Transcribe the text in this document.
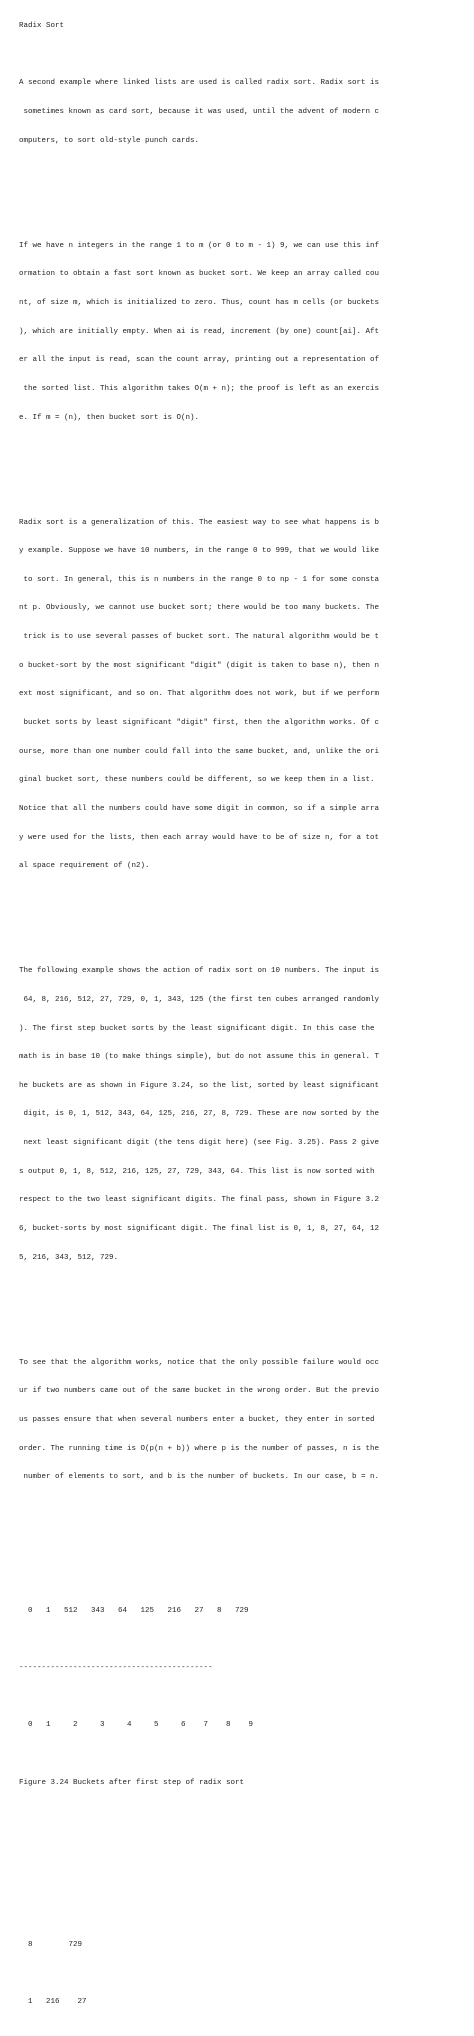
Radix Sort

A second example where linked lists are used is called radix sort. Radix sort is

sometimes known as card sort, because it was used, until the advent of modern c

omputers, to sort old-style punch cards.

If we have n integers in the range 1 to m (or 0 to m - 1) 9, we can use this inf

ormation to obtain a fast sort known as bucket sort. We keep an array called cou

nt, of size m, which is initialized to zero. Thus, count has m cells (or buckets

), which are initially empty. When ai is read, increment (by one) count[ai]. Aft

er all the input is read, scan the count array, printing out a representation of

the sorted list. This algorithm takes O(m + n); the proof is left as an exercis

e. If m = (n), then bucket sort is O(n).

Radix sort is a generalization of this. The easiest way to see what happens is b

y example. Suppose we have 10 numbers, in the range 0 to 999, that we would like

to sort. In general, this is n numbers in the range 0 to np - 1 for some consta

nt p. Obviously, we cannot use bucket sort; there would be too many buckets. The

trick is to use several passes of bucket sort. The natural algorithm would be t

o bucket-sort by the most significant "digit" (digit is taken to base n), then n

ext most significant, and so on. That algorithm does not work, but if we perform

bucket sorts by least significant "digit" first, then the algorithm works. Of c

ourse, more than one number could fall into the same bucket, and, unlike the ori

ginal bucket sort, these numbers could be different, so we keep them in a list.

Notice that all the numbers could have some digit in common, so if a simple arra

y were used for the lists, then each array would have to be of size n, for a tot

al space requirement of (n2).

The following example shows the action of radix sort on 10 numbers. The input is

64, 8, 216, 512, 27, 729, 0, 1, 343, 125 (the first ten cubes arranged randomly

). The first step bucket sorts by the least significant digit. In this case the

math is in base 10 (to make things simple), but do not assume this in general. T

he buckets are as shown in Figure 3.24, so the list, sorted by least significant

digit, is 0, 1, 512, 343, 64, 125, 216, 27, 8, 729. These are now sorted by the

next least significant digit (the tens digit here) (see Fig. 3.25). Pass 2 give

s output 0, 1, 8, 512, 216, 125, 27, 729, 343, 64. This list is now sorted with

respect to the two least significant digits. The final pass, shown in Figure 3.2

6, bucket-sorts by most significant digit. The final list is 0, 1, 8, 27, 64, 12

5, 216, 343, 512, 729.

To see that the algorithm works, notice that the only possible failure would occ

ur if two numbers came out of the same bucket in the wrong order. But the previo

us passes ensure that when several numbers enter a bucket, they enter in sorted

order. The running time is O(p(n + b)) where p is the number of passes, n is the

number of elements to sort, and b is the number of buckets. In our case, b = n.

0   1   512   343   64   125   216   27   8   729

-------------------------------------------

0   1     2     3     4     5     6    7    8    9

Figure 3.24 Buckets after first step of radix sort

8        729

1   216    27
